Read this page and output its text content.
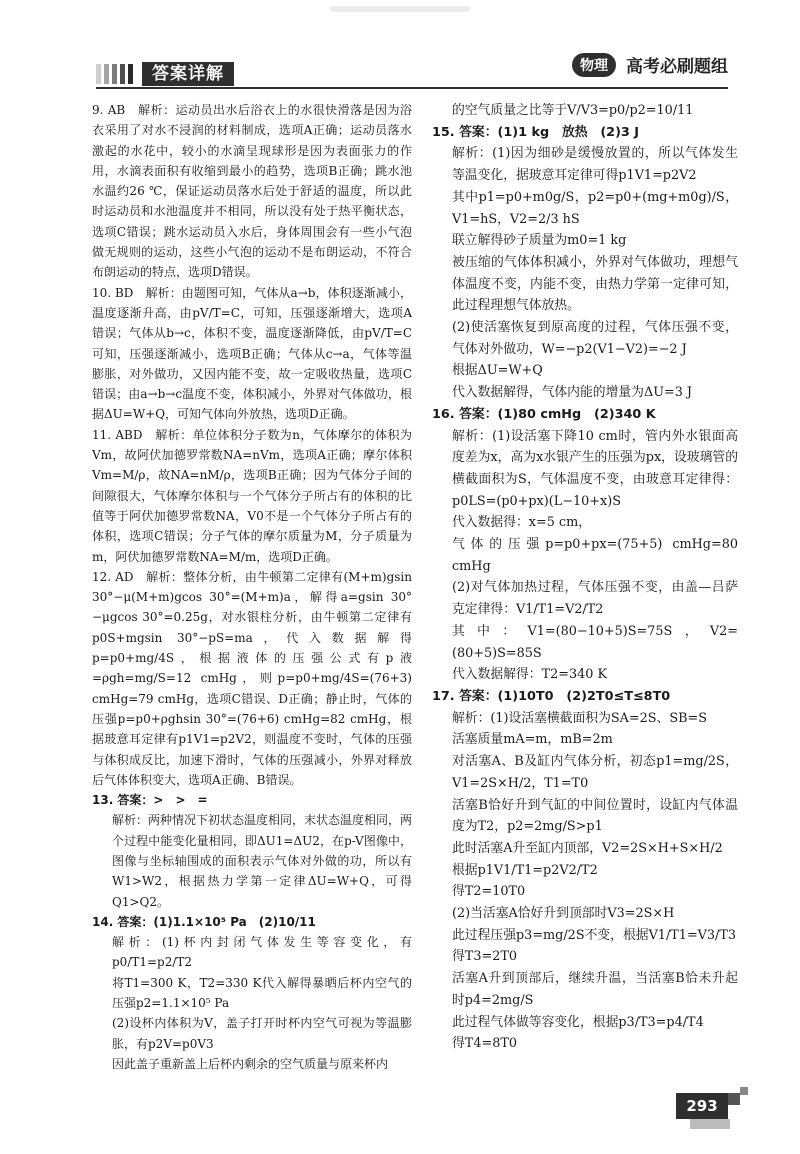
答案详解	物理	高考必刷题组

9. AB　解析：运动员出水后浴衣上的水很快滑落是因为浴衣采用了对水不浸润的材料制成，选项A正确；运动员落水激起的水花中，较小的水滴呈现球形是因为表面张力的作用，水滴表面积有收缩到最小的趋势，选项B正确；跳水池水温约26 ℃，保证运动员落水后处于舒适的温度，所以此时运动员和水池温度并不相同，所以没有处于热平衡状态，选项C错误；跳水运动员入水后，身体周围会有一些小气泡做无规则的运动，这些小气泡的运动不是布朗运动，不符合布朗运动的特点，选项D错误。

10. BD　解析：由题图可知，气体从a→b，体积逐渐减小，温度逐渐升高，由pV/T=C，可知，压强逐渐增大，选项A错误；气体从b→c，体积不变，温度逐渐降低，由pV/T=C可知，压强逐渐减小，选项B正确；气体从c→a，气体等温膨胀，对外做功，又因内能不变，故一定吸收热量，选项C错误；由a→b→c温度不变，体积减小，外界对气体做功，根据ΔU=W+Q，可知气体向外放热，选项D正确。

11. ABD　解析：单位体积分子数为n，气体摩尔的体积为Vm，故阿伏加德罗常数NA=nVm，选项A正确；摩尔体积Vm=M/ρ，故NA=nM/ρ，选项B正确；因为气体分子间的间隙很大，气体摩尔体积与一个气体分子所占有的体积的比值等于阿伏加德罗常数NA，V0不是一个气体分子所占有的体积，选项C错误；分子气体的摩尔质量为M，分子质量为m，阿伏加德罗常数NA=M/m，选项D正确。

12. AD　解析：整体分析，由牛顿第二定律有(M+m)gsin 30°−μ(M+m)gcos 30°=(M+m)a，解得a=gsin 30°−μgcos 30°=0.25g，对水银柱分析，由牛顿第二定律有p0S+mgsin 30°−pS=ma，代入数据解得p=p0+mg/4S，根据液体的压强公式有p液=ρgh=mg/S=12 cmHg，则p=p0+mg/4S=(76+3) cmHg=79 cmHg，选项C错误、D正确；静止时，气体的压强p=p0+ρghsin 30°=(76+6) cmHg=82 cmHg，根据玻意耳定律有p1V1=p2V2，则温度不变时，气体的压强与体积成反比，加速下滑时，气体的压强减小，外界对释放后气体体积变大，选项A正确、B错误。

13. 答案：>　>　=

解析：两种情况下初状态温度相同，末状态温度相同，两个过程中能变化量相同，即ΔU1=ΔU2，在p-V图像中，图像与坐标轴围成的面积表示气体对外做的功，所以有W1>W2，根据热力学第一定律ΔU=W+Q，可得Q1>Q2。

14. 答案：(1)1.1×10⁵ Pa　(2)10/11

解析：(1)杯内封闭气体发生等容变化，有p0/T1=p2/T2

将T1=300 K，T2=330 K代入解得暴晒后杯内空气的压强p2=1.1×10⁵ Pa

(2)设杯内体积为V，盖子打开时杯内空气可视为等温膨胀，有p2V=p0V3

因此盖子重新盖上后杯内剩余的空气质量与原来杯内

的空气质量之比等于V/V3=p0/p2=10/11

15. 答案：(1)1 kg　放热　(2)3 J

解析：(1)因为细砂是缓慢放置的，所以气体发生等温变化，据玻意耳定律可得p1V1=p2V2

其中p1=p0+m0g/S，p2=p0+(mg+m0g)/S，V1=hS，V2=2/3 hS

联立解得砂子质量为m0=1 kg

被压缩的气体体积减小，外界对气体做功，理想气体温度不变，内能不变，由热力学第一定律可知，此过程理想气体放热。

(2)使活塞恢复到原高度的过程，气体压强不变，气体对外做功，W=−p2(V1−V2)=−2 J

根据ΔU=W+Q

代入数据解得，气体内能的增量为ΔU=3 J

16. 答案：(1)80 cmHg　(2)340 K

解析：(1)设活塞下降10 cm时，管内外水银面高度差为x，高为x水银产生的压强为px，设玻璃管的横截面积为S，气体温度不变，由玻意耳定律得：p0LS=(p0+px)(L−10+x)S

代入数据得：x=5 cm，

气体的压强p=p0+px=(75+5) cmHg=80 cmHg

(2)对气体加热过程，气体压强不变，由盖—吕萨克定律得：V1/T1=V2/T2

其中：V1=(80−10+5)S=75S，V2=(80+5)S=85S

代入数据解得：T2=340 K

17. 答案：(1)10T0　(2)2T0≤T≤8T0

解析：(1)设活塞横截面积为SA=2S、SB=S

活塞质量mA=m，mB=2m

对活塞A、B及缸内气体分析，初态p1=mg/2S，V1=2S×H/2，T1=T0

活塞B恰好升到气缸的中间位置时，设缸内气体温度为T2，p2=2mg/S>p1

此时活塞A升至缸内顶部，V2=2S×H+S×H/2

根据p1V1/T1=p2V2/T2

得T2=10T0

(2)当活塞A恰好升到顶部时V3=2S×H

此过程压强p3=mg/2S不变，根据V1/T1=V3/T3

得T3=2T0

活塞A升到顶部后，继续升温，当活塞B恰未升起时p4=2mg/S

此过程气体做等容变化，根据p3/T3=p4/T4

得T4=8T0

293
